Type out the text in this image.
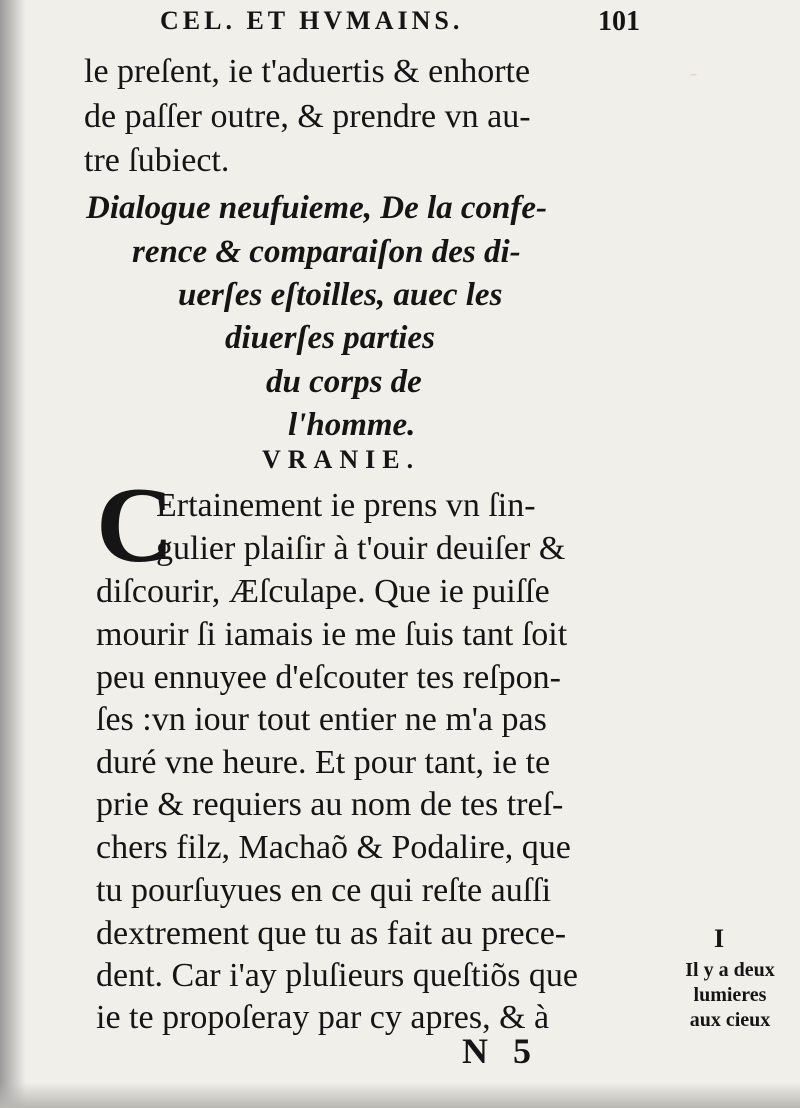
-
CEL. ET HVMAINS.	101
le preſent, ie t'aduertis & enhorte
de paſſer outre, & prendre vn au-
tre ſubiect.
Dialogue neufuieme, De la confe-
rence & comparaiſon des di-
uerſes eſtoilles, auec les
diuerſes parties
du corps de
l'homme.
VRANIE.
C
Ertainement ie prens vn ſin-
gulier plaiſir à t'ouir deuiſer &
diſcourir, Æſculape. Que ie puiſſe
mourir ſi iamais ie me ſuis tant ſoit
peu ennuyee d'eſcouter tes reſpon-
ſes :vn iour tout entier ne m'a pas
duré vne heure. Et pour tant, ie te
prie & requiers au nom de tes treſ-
chers filz, Machaõ & Podalire, que
tu pourſuyues en ce qui reſte auſſi
dextrement que tu as fait au prece-
dent. Car i'ay pluſieurs queſtiõs que
ie te propoſeray par cy apres, & à
I
Il y a deux
lumieres
aux cieux
N 5
